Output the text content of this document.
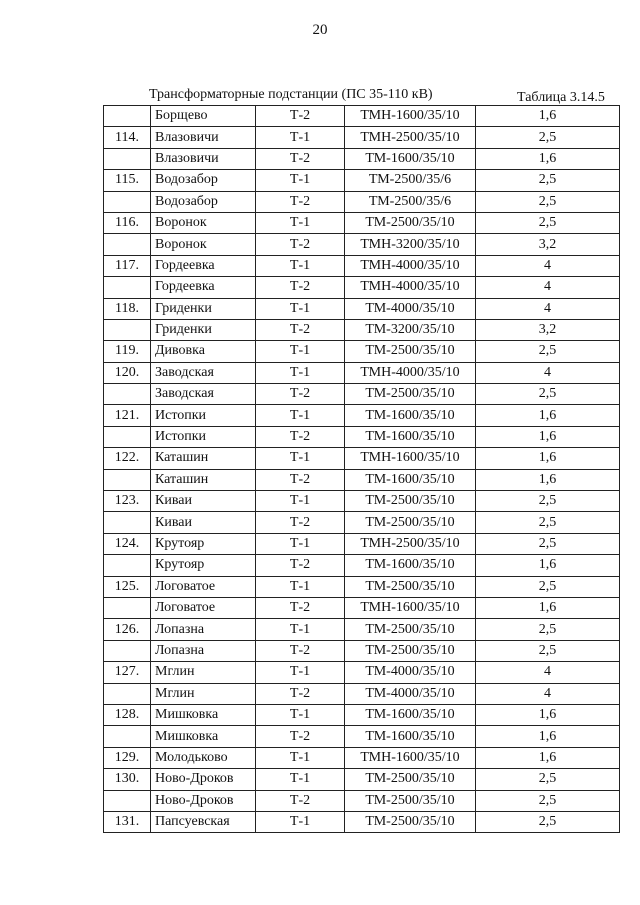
20
Трансформаторные подстанции (ПС 35-110 кВ)	Таблица 3.14.5
	Борщево	Т-2	ТМН-1600/35/10	1,6
114.	Влазовичи	Т-1	ТМН-2500/35/10	2,5
	Влазовичи	Т-2	ТМ-1600/35/10	1,6
115.	Водозабор	Т-1	ТМ-2500/35/6	2,5
	Водозабор	Т-2	ТМ-2500/35/6	2,5
116.	Воронок	Т-1	ТМ-2500/35/10	2,5
	Воронок	Т-2	ТМН-3200/35/10	3,2
117.	Гордеевка	Т-1	ТМН-4000/35/10	4
	Гордеевка	Т-2	ТМН-4000/35/10	4
118.	Гриденки	Т-1	ТМ-4000/35/10	4
	Гриденки	Т-2	ТМ-3200/35/10	3,2
119.	Дивовка	Т-1	ТМ-2500/35/10	2,5
120.	Заводская	Т-1	ТМН-4000/35/10	4
	Заводская	Т-2	ТМ-2500/35/10	2,5
121.	Истопки	Т-1	ТМ-1600/35/10	1,6
	Истопки	Т-2	ТМ-1600/35/10	1,6
122.	Каташин	Т-1	ТМН-1600/35/10	1,6
	Каташин	Т-2	ТМ-1600/35/10	1,6
123.	Киваи	Т-1	ТМ-2500/35/10	2,5
	Киваи	Т-2	ТМ-2500/35/10	2,5
124.	Крутояр	Т-1	ТМН-2500/35/10	2,5
	Крутояр	Т-2	ТМ-1600/35/10	1,6
125.	Логоватое	Т-1	ТМ-2500/35/10	2,5
	Логоватое	Т-2	ТМН-1600/35/10	1,6
126.	Лопазна	Т-1	ТМ-2500/35/10	2,5
	Лопазна	Т-2	ТМ-2500/35/10	2,5
127.	Мглин	Т-1	ТМ-4000/35/10	4
	Мглин	Т-2	ТМ-4000/35/10	4
128.	Мишковка	Т-1	ТМ-1600/35/10	1,6
	Мишковка	Т-2	ТМ-1600/35/10	1,6
129.	Молодьково	Т-1	ТМН-1600/35/10	1,6
130.	Ново-Дроков	Т-1	ТМ-2500/35/10	2,5
	Ново-Дроков	Т-2	ТМ-2500/35/10	2,5
131.	Папсуевская	Т-1	ТМ-2500/35/10	2,5
